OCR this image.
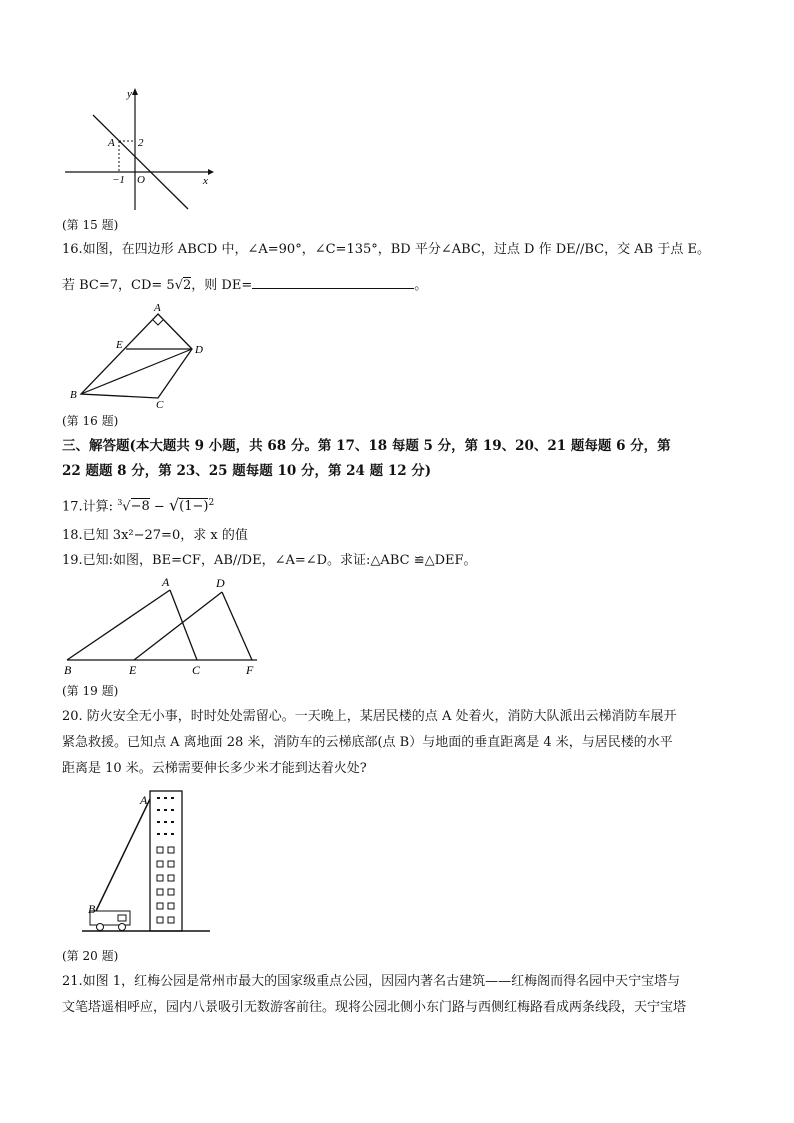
y
x
A 2
−1 O
(第 15 题)
16.如图，在四边形 ABCD 中，∠A=90°，∠C=135°，BD 平分∠ABC，过点 D 作 DE//BC，交 AB 于点 E。
若 BC=7，CD= 5√2，则 DE=	。
A
B
C
D
E
(第 16 题)
三、解答题(本大题共 9 小题，共 68 分。第 17、18 每题 5 分，第 19、20、21 题每题 6 分，第
22 题题 8 分，第 23、25 题每题 10 分，第 24 题 12 分)
17.计算: $^3√-8 - √(1-)^2$
18.已知 3x²−27=0，求 x 的值
19.已知:如图，BE=CF，AB//DE，∠A=∠D。求证:△ABC ≌△DEF。
A	D
B	E	C	F
(第 19 题)
20. 防火安全无小事，时时处处需留心。一天晚上，某居民楼的点 A 处着火，消防大队派出云梯消防车展开
紧急救援。已知点 A 离地面 28 米，消防车的云梯底部(点 B）与地面的垂直距离是 4 米，与居民楼的水平
距离是 10 米。云梯需要伸长多少米才能到达着火处?
A
B
(第 20 题)
21.如图 1，红梅公园是常州市最大的国家级重点公园，因园内著名古建筑——红梅阁而得名园中天宁宝塔与
文笔塔遥相呼应，园内八景吸引无数游客前往。现将公园北侧小东门路与西侧红梅路看成两条线段，天宁宝塔
